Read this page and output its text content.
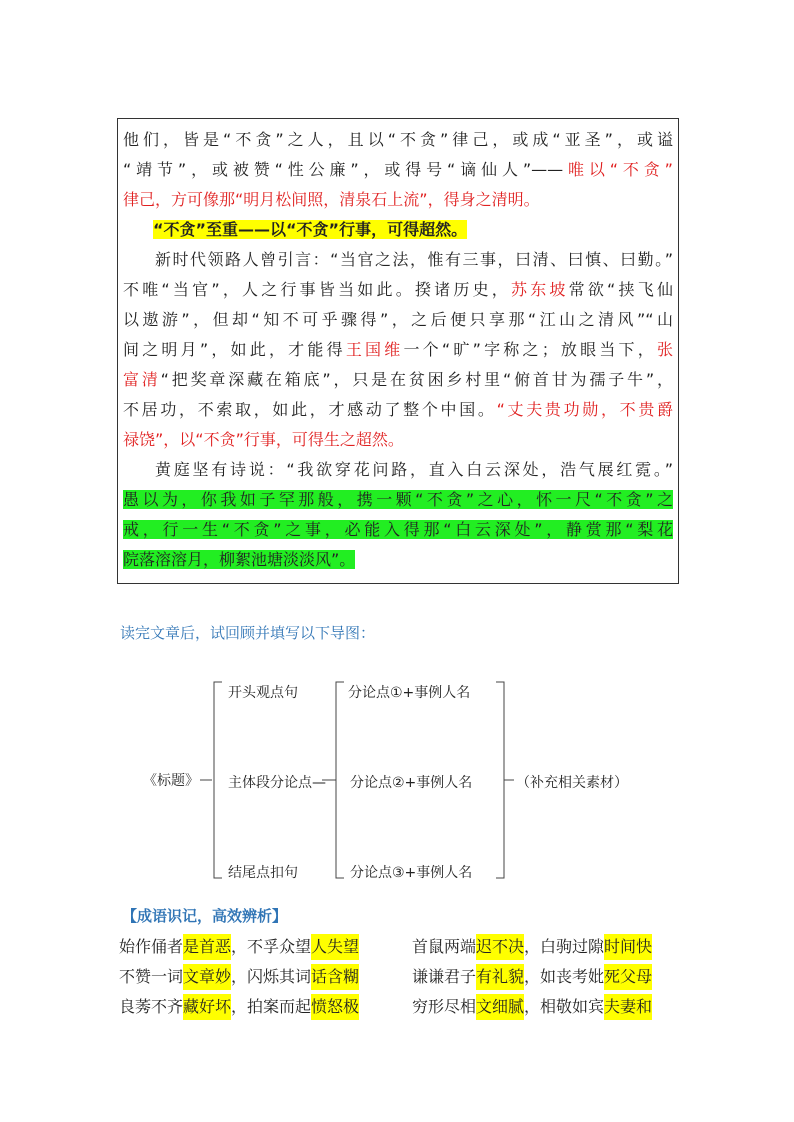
他们，皆是“不贪”之人，且以“不贪”律己，或成“亚圣”，或谥
“靖节”，或被赞“性公廉”，或得号“谪仙人”——唯以“不贪”
律己，方可像那“明月松间照，清泉石上流”，得身之清明。
“不贪”至重——以“不贪”行事，可得超然。
新时代领路人曾引言：“当官之法，惟有三事，曰清、曰慎、曰勤。”
不唯“当官”，人之行事皆当如此。揆诸历史，苏东坡常欲“挟飞仙
以遨游”，但却“知不可乎骤得”，之后便只享那“江山之清风”“山
间之明月”，如此，才能得王国维一个“旷”字称之；放眼当下，张
富清“把奖章深藏在箱底”，只是在贫困乡村里“俯首甘为孺子牛”，
不居功，不索取，如此，才感动了整个中国。“丈夫贵功勋，不贵爵
禄饶”，以“不贪”行事，可得生之超然。
黄庭坚有诗说：“我欲穿花问路，直入白云深处，浩气展红霓。”
愚以为，你我如子罕那般，携一颗“不贪”之心，怀一尺“不贪”之
戒，行一生“不贪”之事，必能入得那“白云深处”，静赏那“梨花
院落溶溶月，柳絮池塘淡淡风”。
读完文章后，试回顾并填写以下导图：
《标题》
开头观点句
主体段分论点—
结尾点扣句
分论点①+事例人名
分论点②+事例人名
分论点③+事例人名
（补充相关素材）
【成语识记，高效辨析】
始作俑者是首恶，不孚众望人失望	首鼠两端迟不决，白驹过隙时间快
不赞一词文章妙，闪烁其词话含糊	谦谦君子有礼貌，如丧考妣死父母
良莠不齐藏好坏，拍案而起愤怒极	穷形尽相文细腻，相敬如宾夫妻和
